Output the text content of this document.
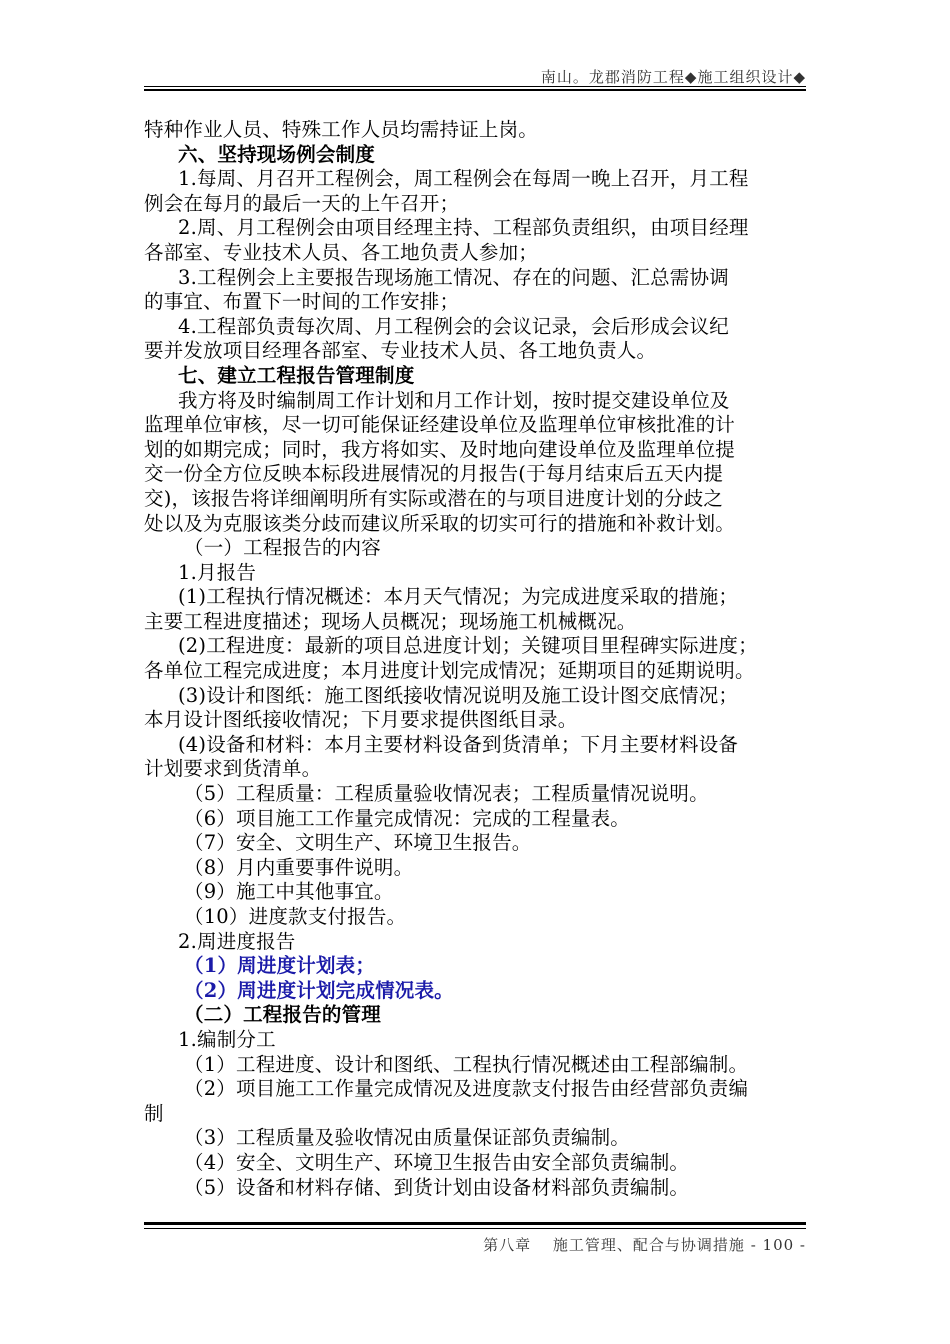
南山。龙郡消防工程◆施工组织设计◆
特种作业人员、特殊工作人员均需持证上岗。
六、坚持现场例会制度
1.每周、月召开工程例会，周工程例会在每周一晚上召开，月工程
例会在每月的最后一天的上午召开；
2.周、月工程例会由项目经理主持、工程部负责组织，由项目经理
各部室、专业技术人员、各工地负责人参加；
3.工程例会上主要报告现场施工情况、存在的问题、汇总需协调
的事宜、布置下一时间的工作安排；
4.工程部负责每次周、月工程例会的会议记录，会后形成会议纪
要并发放项目经理各部室、专业技术人员、各工地负责人。
七、建立工程报告管理制度
我方将及时编制周工作计划和月工作计划，按时提交建设单位及
监理单位审核，尽一切可能保证经建设单位及监理单位审核批准的计
划的如期完成；同时，我方将如实、及时地向建设单位及监理单位提
交一份全方位反映本标段进展情况的月报告(于每月结束后五天内提
交)，该报告将详细阐明所有实际或潜在的与项目进度计划的分歧之
处以及为克服该类分歧而建议所采取的切实可行的措施和补救计划。
（一）工程报告的内容
1.月报告
(1)工程执行情况概述：本月天气情况；为完成进度采取的措施；
主要工程进度描述；现场人员概况；现场施工机械概况。
(2)工程进度：最新的项目总进度计划；关键项目里程碑实际进度；
各单位工程完成进度；本月进度计划完成情况；延期项目的延期说明。
(3)设计和图纸：施工图纸接收情况说明及施工设计图交底情况；
本月设计图纸接收情况；下月要求提供图纸目录。
(4)设备和材料：本月主要材料设备到货清单；下月主要材料设备
计划要求到货清单。
（5）工程质量：工程质量验收情况表；工程质量情况说明。
（6）项目施工工作量完成情况：完成的工程量表。
（7）安全、文明生产、环境卫生报告。
（8）月内重要事件说明。
（9）施工中其他事宜。
（10）进度款支付报告。
2.周进度报告
（1）周进度计划表；
（2）周进度计划完成情况表。
（二）工程报告的管理
1.编制分工
（1）工程进度、设计和图纸、工程执行情况概述由工程部编制。
（2）项目施工工作量完成情况及进度款支付报告由经营部负责编
制
（3）工程质量及验收情况由质量保证部负责编制。
（4）安全、文明生产、环境卫生报告由安全部负责编制。
（5）设备和材料存储、到货计划由设备材料部负责编制。
第八章　 施工管理、配合与协调措施 - 100 -
